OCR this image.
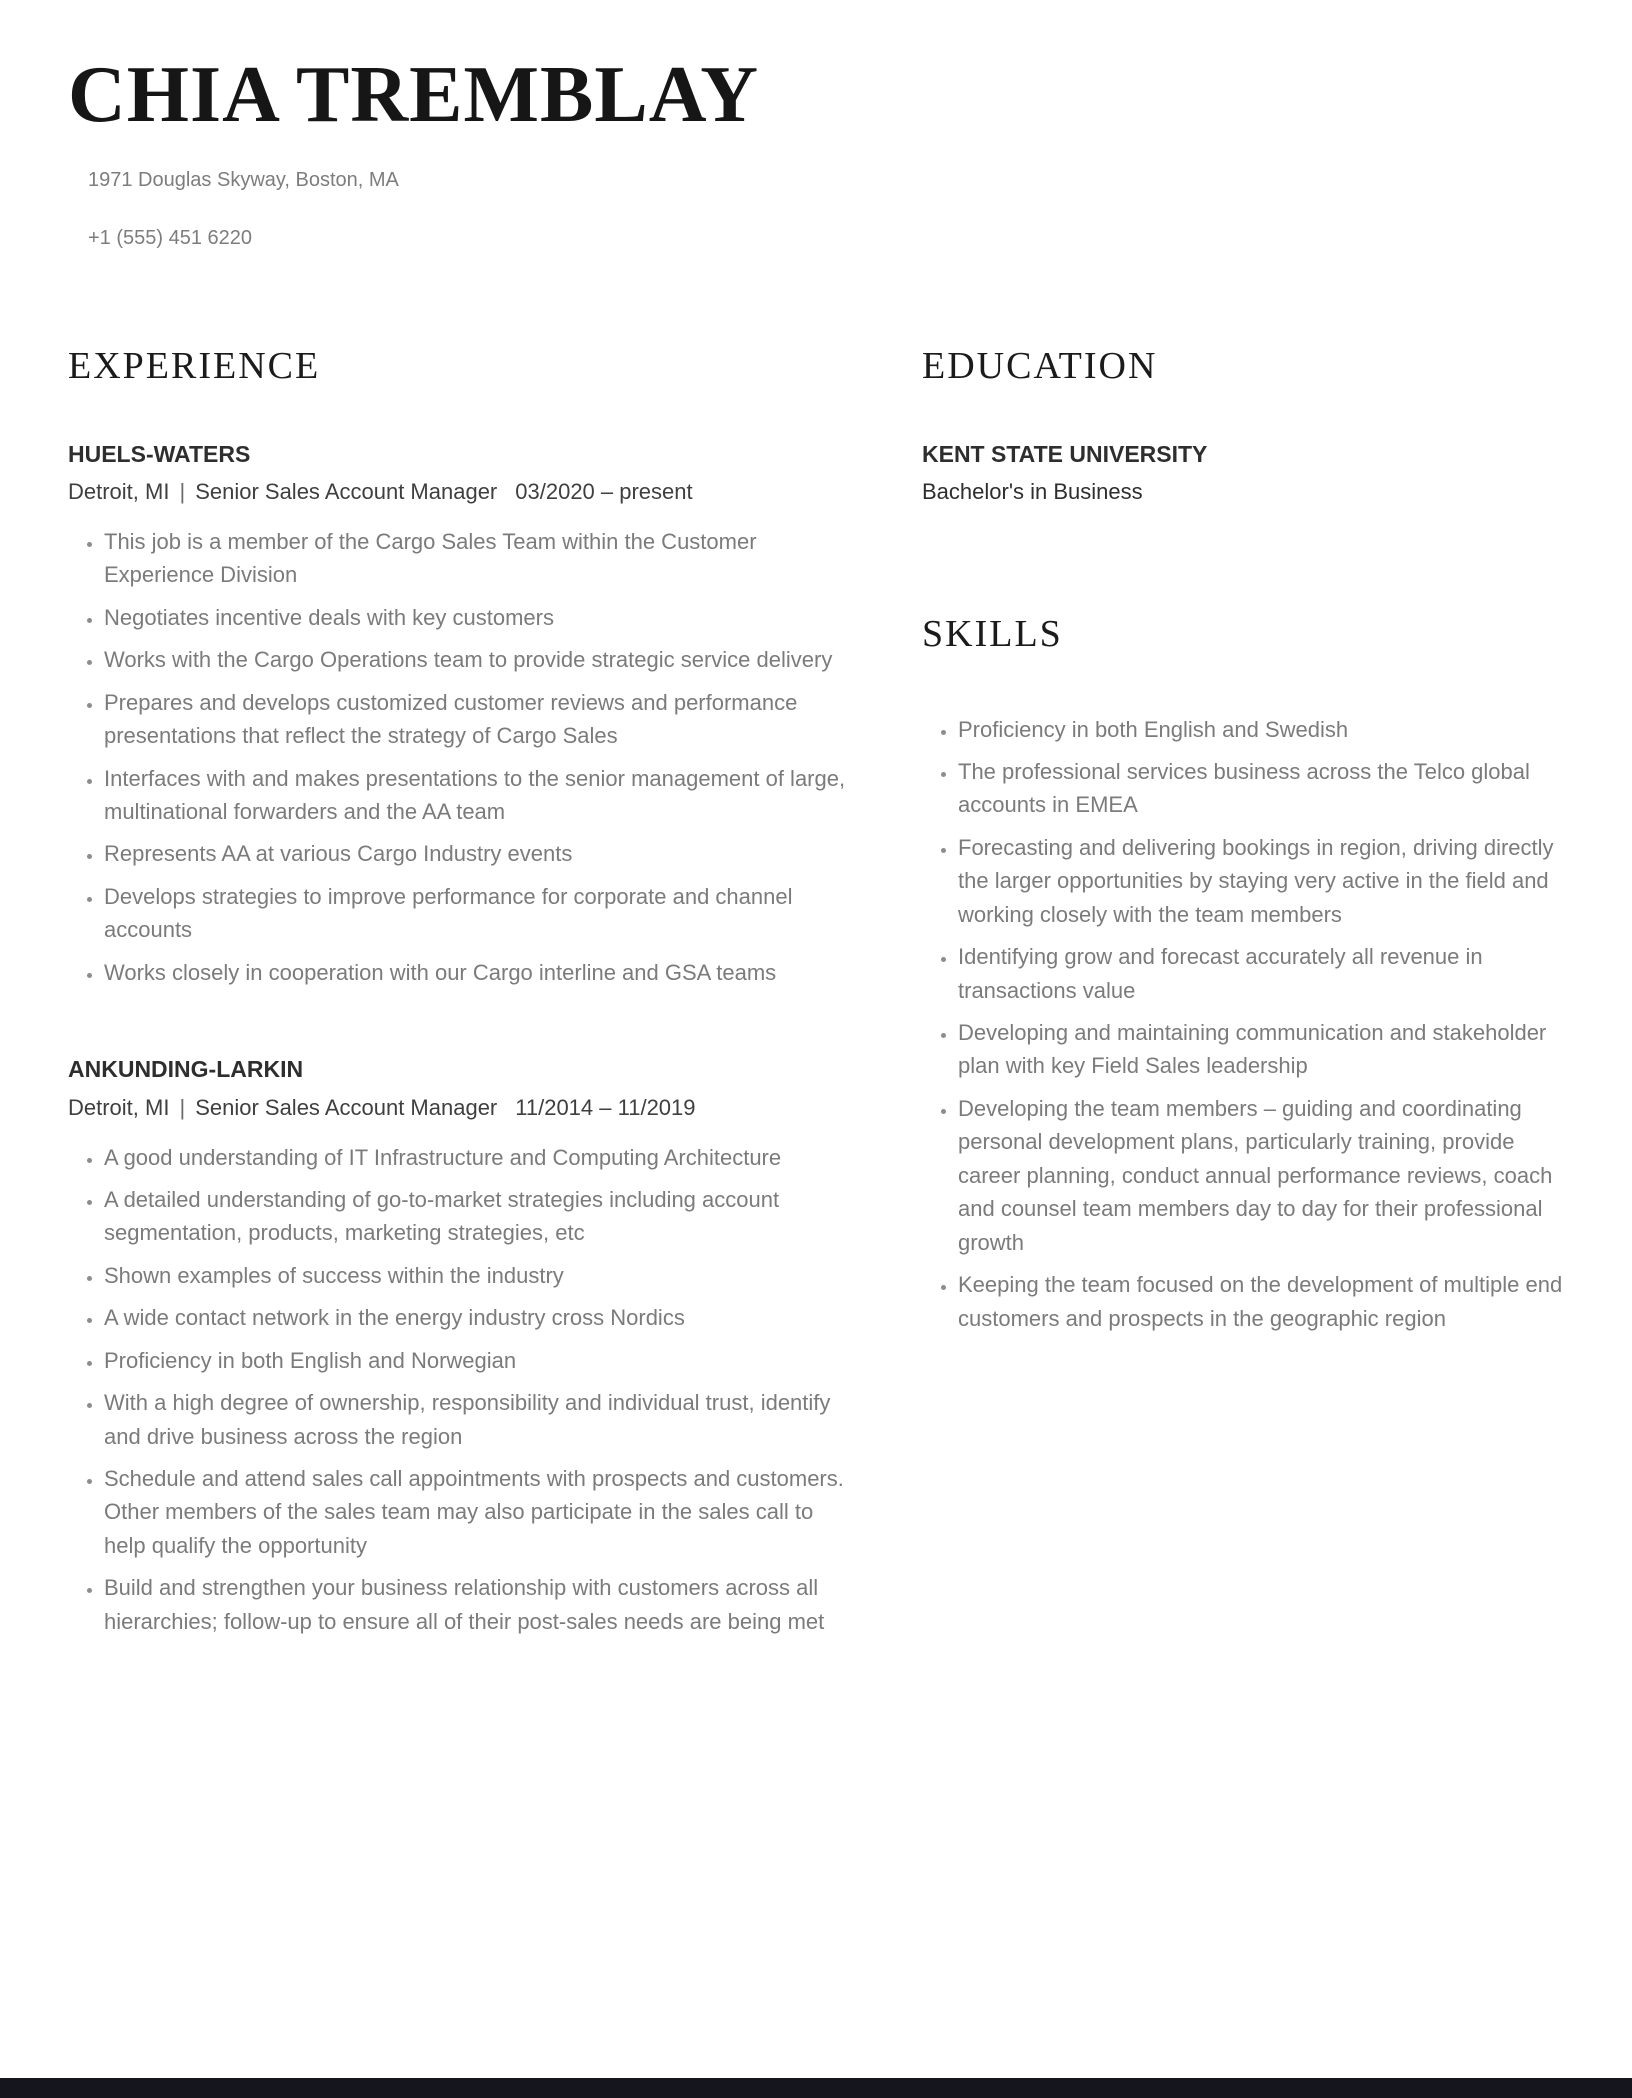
CHIA TREMBLAY
1971 Douglas Skyway, Boston, MA
+1 (555) 451 6220
EXPERIENCE
HUELS-WATERS
Detroit, MI | Senior Sales Account Manager 03/2020 – present
• This job is a member of the Cargo Sales Team within the Customer Experience Division
• Negotiates incentive deals with key customers
• Works with the Cargo Operations team to provide strategic service delivery
• Prepares and develops customized customer reviews and performance presentations that reflect the strategy of Cargo Sales
• Interfaces with and makes presentations to the senior management of large, multinational forwarders and the AA team
• Represents AA at various Cargo Industry events
• Develops strategies to improve performance for corporate and channel accounts
• Works closely in cooperation with our Cargo interline and GSA teams
ANKUNDING-LARKIN
Detroit, MI | Senior Sales Account Manager 11/2014 – 11/2019
• A good understanding of IT Infrastructure and Computing Architecture
• A detailed understanding of go-to-market strategies including account segmentation, products, marketing strategies, etc
• Shown examples of success within the industry
• A wide contact network in the energy industry cross Nordics
• Proficiency in both English and Norwegian
• With a high degree of ownership, responsibility and individual trust, identify and drive business across the region
• Schedule and attend sales call appointments with prospects and customers. Other members of the sales team may also participate in the sales call to help qualify the opportunity
• Build and strengthen your business relationship with customers across all hierarchies; follow-up to ensure all of their post-sales needs are being met
EDUCATION
KENT STATE UNIVERSITY
Bachelor's in Business
SKILLS
• Proficiency in both English and Swedish
• The professional services business across the Telco global accounts in EMEA
• Forecasting and delivering bookings in region, driving directly the larger opportunities by staying very active in the field and working closely with the team members
• Identifying grow and forecast accurately all revenue in transactions value
• Developing and maintaining communication and stakeholder plan with key Field Sales leadership
• Developing the team members – guiding and coordinating personal development plans, particularly training, provide career planning, conduct annual performance reviews, coach and counsel team members day to day for their professional growth
• Keeping the team focused on the development of multiple end customers and prospects in the geographic region
